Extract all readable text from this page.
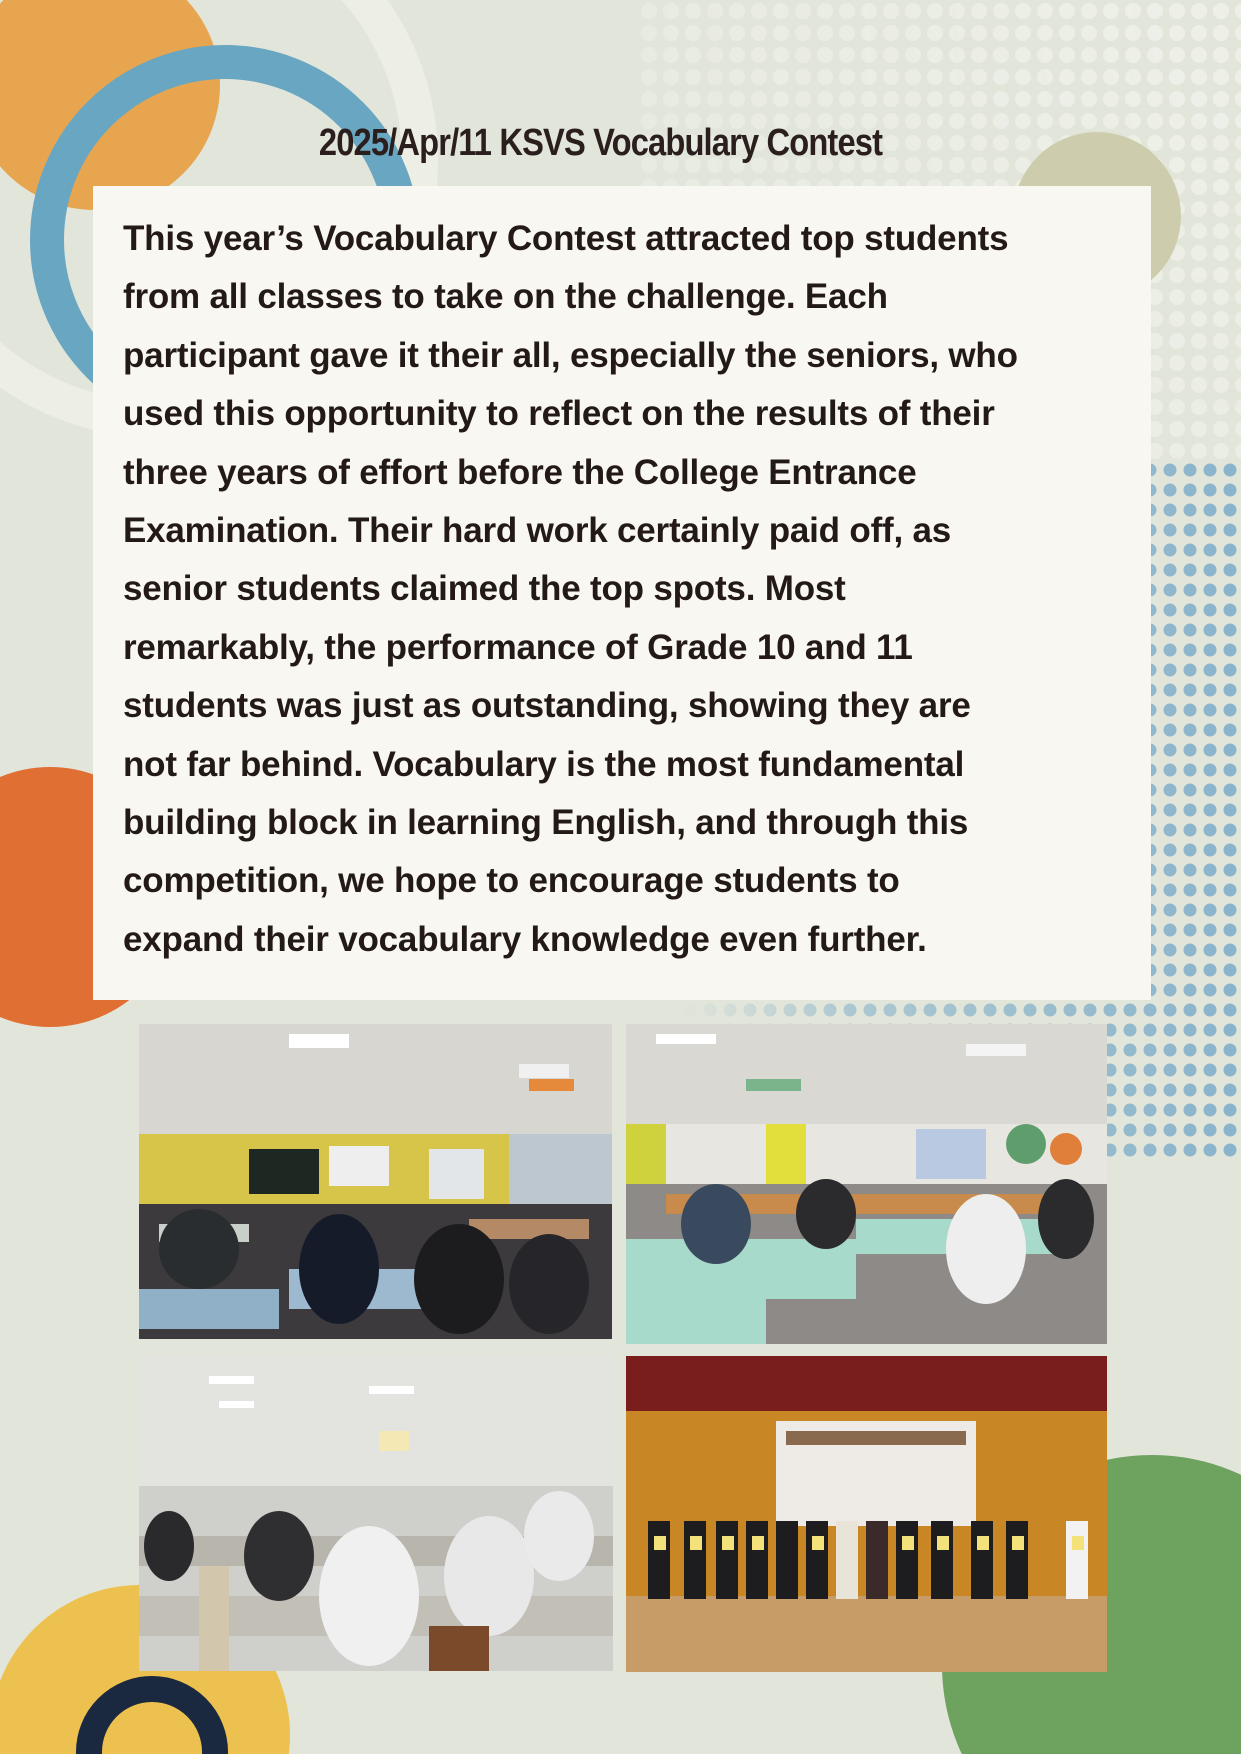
2025/Apr/11 KSVS Vocabulary Contest

This year’s Vocabulary Contest attracted top students
from all classes to take on the challenge. Each
participant gave it their all, especially the seniors, who
used this opportunity to reflect on the results of their
three years of effort before the College Entrance
Examination. Their hard work certainly paid off, as
senior students claimed the top spots. Most
remarkably, the performance of Grade 10 and 11
students was just as outstanding, showing they are
not far behind. Vocabulary is the most fundamental
building block in learning English, and through this
competition, we hope to encourage students to
expand their vocabulary knowledge even further.
